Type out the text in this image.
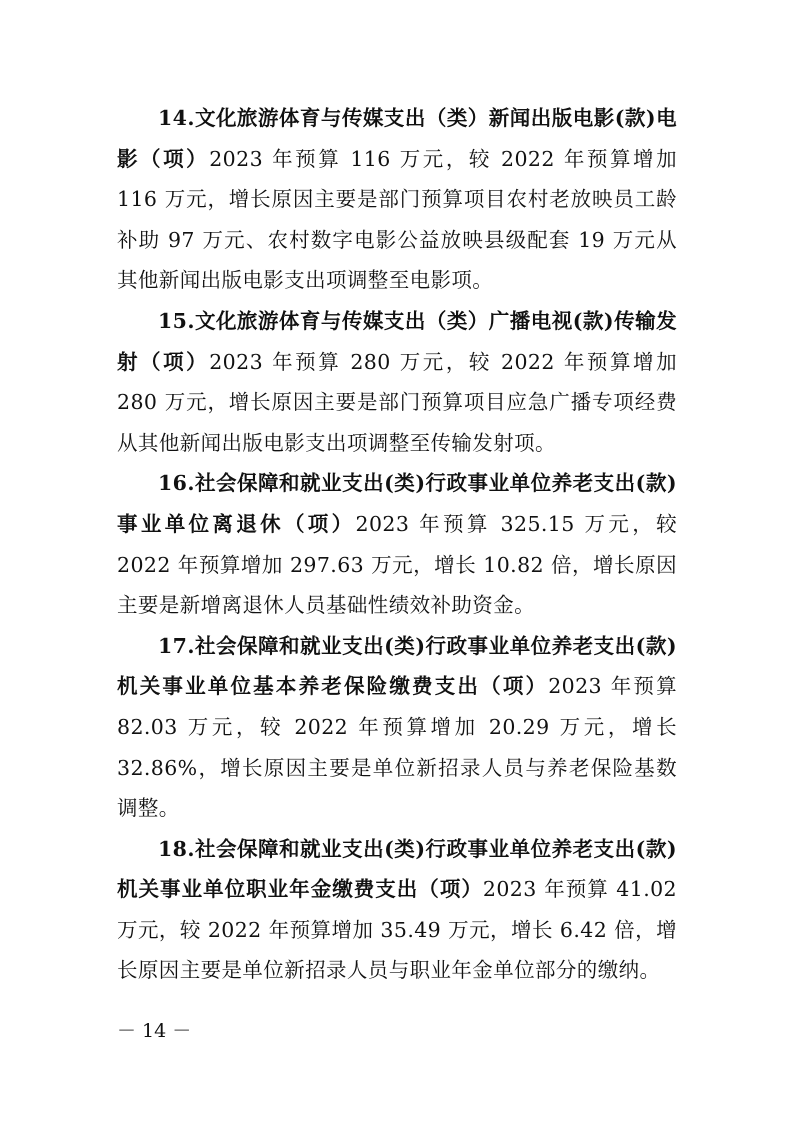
14.文化旅游体育与传媒支出（类）新闻出版电影(款)电影（项）2023 年预算 116 万元，较 2022 年预算增加 116 万元，增长原因主要是部门预算项目农村老放映员工龄补助 97 万元、农村数字电影公益放映县级配套 19 万元从其他新闻出版电影支出项调整至电影项。

15.文化旅游体育与传媒支出（类）广播电视(款)传输发射（项）2023 年预算 280 万元，较 2022 年预算增加 280 万元，增长原因主要是部门预算项目应急广播专项经费从其他新闻出版电影支出项调整至传输发射项。

16.社会保障和就业支出(类)行政事业单位养老支出(款)事业单位离退休（项）2023 年预算 325.15 万元，较 2022 年预算增加 297.63 万元，增长 10.82 倍，增长原因主要是新增离退休人员基础性绩效补助资金。

17.社会保障和就业支出(类)行政事业单位养老支出(款)机关事业单位基本养老保险缴费支出（项）2023 年预算 82.03 万元，较 2022 年预算增加 20.29 万元，增长 32.86%，增长原因主要是单位新招录人员与养老保险基数调整。

18.社会保障和就业支出(类)行政事业单位养老支出(款)机关事业单位职业年金缴费支出（项）2023 年预算 41.02 万元，较 2022 年预算增加 35.49 万元，增长 6.42 倍，增长原因主要是单位新招录人员与职业年金单位部分的缴纳。

－ 14 －
